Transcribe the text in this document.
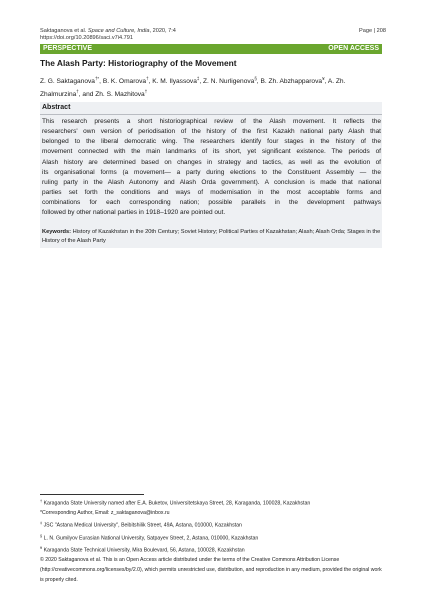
Saktaganova et al. Space and Culture, India, 2020, 7:4
https://doi.org/10.20896/saci.v7i4.791
Page | 208
PERSPECTIVE	OPEN ACCESS
The Alash Party: Historiography of the Movement
Z. G. Saktaganova†*, B. K. Omarova†, K. M. Ilyassova‡, Z. N. Nurligenova§, B. Zh. Abzhapparova¥, A. Zh. Zhalmurzina†, and Zh. S. Mazhitova†
Abstract
This research presents a short historiographical review of the Alash movement. It reflects the
researchers' own version of periodisation of the history of the first Kazakh national party Alash that
belonged to the liberal democratic wing. The researchers identify four stages in the history of the
movement connected with the main landmarks of its short, yet significant existence. The periods of
Alash history are determined based on changes in strategy and tactics, as well as the evolution of
its organisational forms (a movement— a party during elections to the Constituent Assembly — the
ruling party in the Alash Autonomy and Alash Orda government). A conclusion is made that national
parties set forth the conditions and ways of modernisation in the most acceptable forms and
combinations for each corresponding nation; possible parallels in the development pathways
followed by other national parties in 1918–1920 are pointed out.
Keywords: History of Kazakhstan in the 20th Century; Soviet History; Political Parties of Kazakhstan; Alash; Alash Orda; Stages in the History of the Alash Party
† Karaganda State University named after E.A. Buketov, Universitetskaya Street, 28, Karaganda, 100028, Kazakhstan
*Corresponding Author, Email: z_saktaganova@inbox.ru
‡ JSC "Astana Medical University", Beibitshilik Street, 49A, Astana, 010000, Kazakhstan
§ L. N. Gumilyov Eurasian National University, Satpayev Street, 2, Astana, 010000, Kazakhstan
¥ Karaganda State Technical University, Mira Boulevard, 56, Astana, 100028, Kazakhstan
© 2020 Saktaganova et al. This is an Open Access article distributed under the terms of the Creative Commons Attribution License (http://creativecommons.org/licenses/by/2.0), which permits unrestricted use, distribution, and reproduction in any medium, provided the original work is properly cited.
